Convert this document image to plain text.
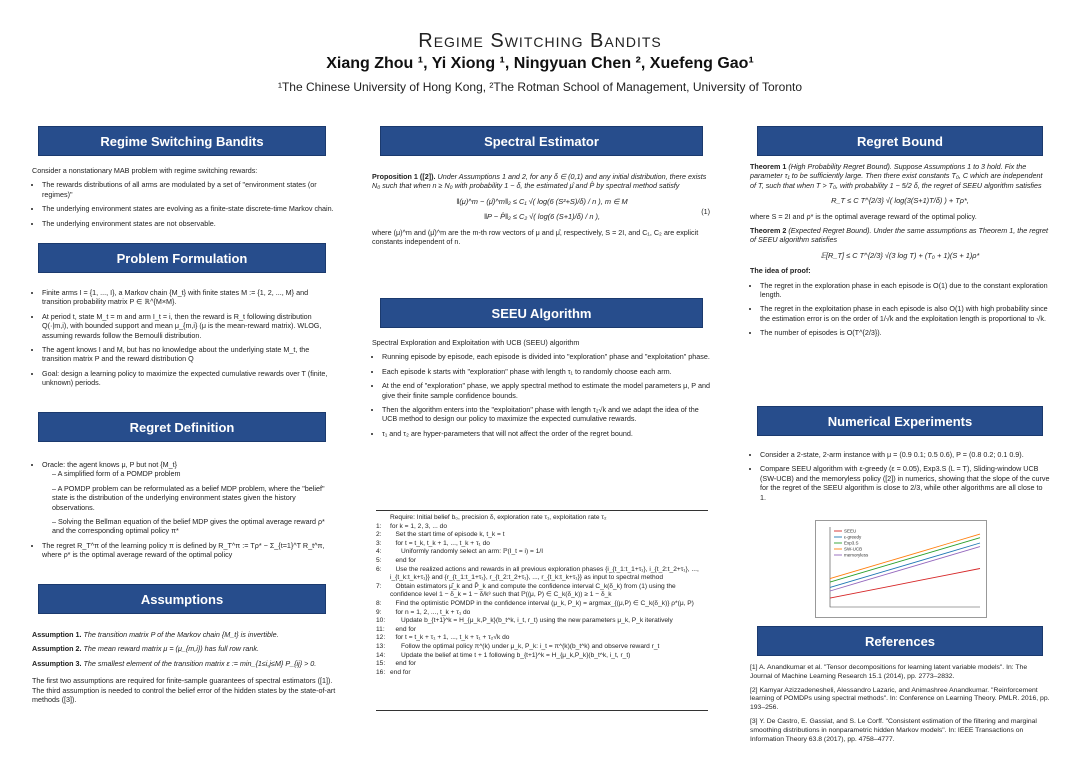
Regime Switching Bandits
Xiang Zhou ¹, Yi Xiong ¹, Ningyuan Chen ², Xuefeng Gao¹
¹The Chinese University of Hong Kong, ²The Rotman School of Management, University of Toronto
Regime Switching Bandits

Consider a nonstationary MAB problem with regime switching rewards:

• The rewards distributions of all arms are modulated by a set of "environment states (or regimes)"
• The underlying environment states are evolving as a finite-state discrete-time Markov chain.
• The underlying environment states are not observable.
Problem Formulation
• Finite arms I = {1, ..., I}, a Markov chain {M_t} with finite states M := {1, 2, ..., M} and transition probability matrix P ∈ ℝ^{M×M}.
• At period t, state M_t = m and arm I_t = i, then the reward is R_t following distribution Q(·|m,i), with bounded support and mean μ_{m,i} (μ is the mean-reward matrix). WLOG, assuming rewards follow the Bernoulli distribution.
• The agent knows I and M, but has no knowledge about the underlying state M_t, the transition matrix P and the reward distribution Q
• Goal: design a learning policy to maximize the expected cumulative rewards over T (finite, unknown) periods.
Regret Definition
• Oracle: the agent knows μ, P but not {M_t}
– A simplified form of a POMDP problem
– A POMDP problem can be reformulated as a belief MDP problem, where the "belief" state is the distribution of the underlying environment states given the history observations.
– Solving the Bellman equation of the belief MDP gives the optimal average reward ρ* and the corresponding optimal policy π*
• The regret R_T^π of the learning policy π is defined by R_T^π := Tρ* − Σ_{t=1}^T R_t^π, where ρ* is the optimal average reward of the optimal policy
Assumptions

Assumption 1. The transition matrix P of the Markov chain {M_t} is invertible.

Assumption 2. The mean reward matrix μ = (μ_{m,i}) has full row rank.

Assumption 3. The smallest element of the transition matrix ε := min_{1≤i,j≤M} P_{ij} > 0.

The first two assumptions are required for finite-sample guarantees of spectral estimators ([1]). The third assumption is needed to control the belief error of the hidden states by the state-of-art methods ([3]).

Spectral Estimator

Proposition 1 ([2]). Under Assumptions 1 and 2, for any δ ∈ (0,1) and any initial distribution, there exists N₀ such that when n ≥ N₀ with probability 1 − δ, the estimated μ̂ and P̂ by spectral method satisfy

‖(μ)^m − (μ̂)^m‖₂ ≤ C₁ √( log(6 (S²+S)/δ) / n ), m ∈ M
‖P − P̂‖₂ ≤ C₂ √( log(6 (S+1)/δ) / n ),
(1)

where (μ)^m and (μ̂)^m are the m-th row vectors of μ and μ̂, respectively, S = 2I, and C₁, C₂ are explicit constants independent of n.

SEEU Algorithm

Spectral Exploration and Exploitation with UCB (SEEU) algorithm

• Running episode by episode, each episode is divided into "exploration" phase and "exploitation" phase.
• Each episode k starts with "exploration" phase with length τ₁ to randomly choose each arm.
• At the end of "exploration" phase, we apply spectral method to estimate the model parameters μ, P and give their finite sample confidence bounds.
• Then the algorithm enters into the "exploitation" phase with length τ₂√k and we adapt the idea of the UCB method to design our policy to maximize the expected cumulative rewards.
• τ₁ and τ₂ are hyper-parameters that will not affect the order of the regret bound.
Require: Initial belief b₀, precision δ, exploration rate τ₁, exploitation rate τ₂
1:	for k = 1, 2, 3, ... do
2:	Set the start time of episode k, t_k = t
3:	for t = t_k, t_k + 1, ..., t_k + τ₁ do
4:	Uniformly randomly select an arm: ℙ(I_t = i) = 1/I
5:	end for
6:	Use the realized actions and rewards in all previous exploration phases {i_{t_1:t_1+τ₁}, i_{t_2:t_2+τ₁}, ..., i_{t_k:t_k+τ₁}} and {r_{t_1:t_1+τ₁}, r_{t_2:t_2+τ₁}, ..., r_{t_k:t_k+τ₁}} as input to spectral method
7:	Obtain estimators μ̂_k and P̂_k and compute the confidence interval C_k(δ_k) from (1) using the confidence level 1 − δ_k = 1 − δ/k³ such that ℙ((μ, P) ∈ C_k(δ_k)) ≥ 1 − δ_k
8:	Find the optimistic POMDP in the confidence interval (μ_k, P_k) = argmax_{(μ,P) ∈ C_k(δ_k)} ρ*(μ, P)
9:	for n = 1, 2, ..., t_k + τ₁ do
10: Update b_{t+1}^k = H_{μ_k,P_k}(b_t^k, i_t, r_t) using the new parameters μ_k, P_k iteratively
11: end for
12: for t = t_k + τ₁ + 1, ..., t_k + τ₁ + τ₂√k do
13: Follow the optimal policy π^(k) under μ_k, P_k: i_t = π^(k)(b_t^k) and observe reward r_t
14: Update the belief at time t + 1 following b_{t+1}^k = H_{μ_k,P_k}(b_t^k, i_t, r_t)
15: end for
16: end for
Regret Bound

Theorem 1 (High Probability Regret Bound). Suppose Assumptions 1 to 3 hold. Fix the parameter τ₁ to be sufficiently large. Then there exist constants T₀, C which are independent of T, such that when T > T₀, with probability 1 − 5/2 δ, the regret of SEEU algorithm satisfies

R_T ≤ C T^{2/3} √( log(3(S+1)T/δ) ) + Tρ*,

where S = 2I and ρ* is the optimal average reward of the optimal policy.

Theorem 2 (Expected Regret Bound). Under the same assumptions as Theorem 1, the regret of SEEU algorithm satisfies

𝔼[R_T] ≤ C T^{2/3} √(3 log T) + (T₀ + 1)(S + 1)ρ*

The idea of proof:

• The regret in the exploration phase in each episode is O(1) due to the constant exploration length.
• The regret in the exploitation phase in each episode is also O(1) with high probability since the estimation error is on the order of 1/√k and the exploitation length is proportional to √k.
• The number of episodes is O(T^{2/3}).
Numerical Experiments
• Consider a 2-state, 2-arm instance with μ = (0.9 0.1; 0.5 0.6), P = (0.8 0.2; 0.1 0.9).
• Compare SEEU algorithm with ε-greedy (ε = 0.05), Exp3.S (L = T), Sliding-window UCB (SW-UCB) and the memoryless policy ([2]) in numerics, showing that the slope of the curve for the regret of the SEEU algorithm is close to 2/3, while other algorithms are all close to 1.
SEEU
ε-greedy
Exp3.S
SW-UCB
memoryless
References

[1] A. Anandkumar et al. "Tensor decompositions for learning latent variable models". In: The Journal of Machine Learning Research 15.1 (2014), pp. 2773–2832.

[2] Kamyar Azizzadenesheli, Alessandro Lazaric, and Animashree Anandkumar. "Reinforcement learning of POMDPs using spectral methods". In: Conference on Learning Theory. PMLR. 2016, pp. 193–256.

[3] Y. De Castro, E. Gassiat, and S. Le Corff. "Consistent estimation of the filtering and marginal smoothing distributions in nonparametric hidden Markov models". In: IEEE Transactions on Information Theory 63.8 (2017), pp. 4758–4777.
